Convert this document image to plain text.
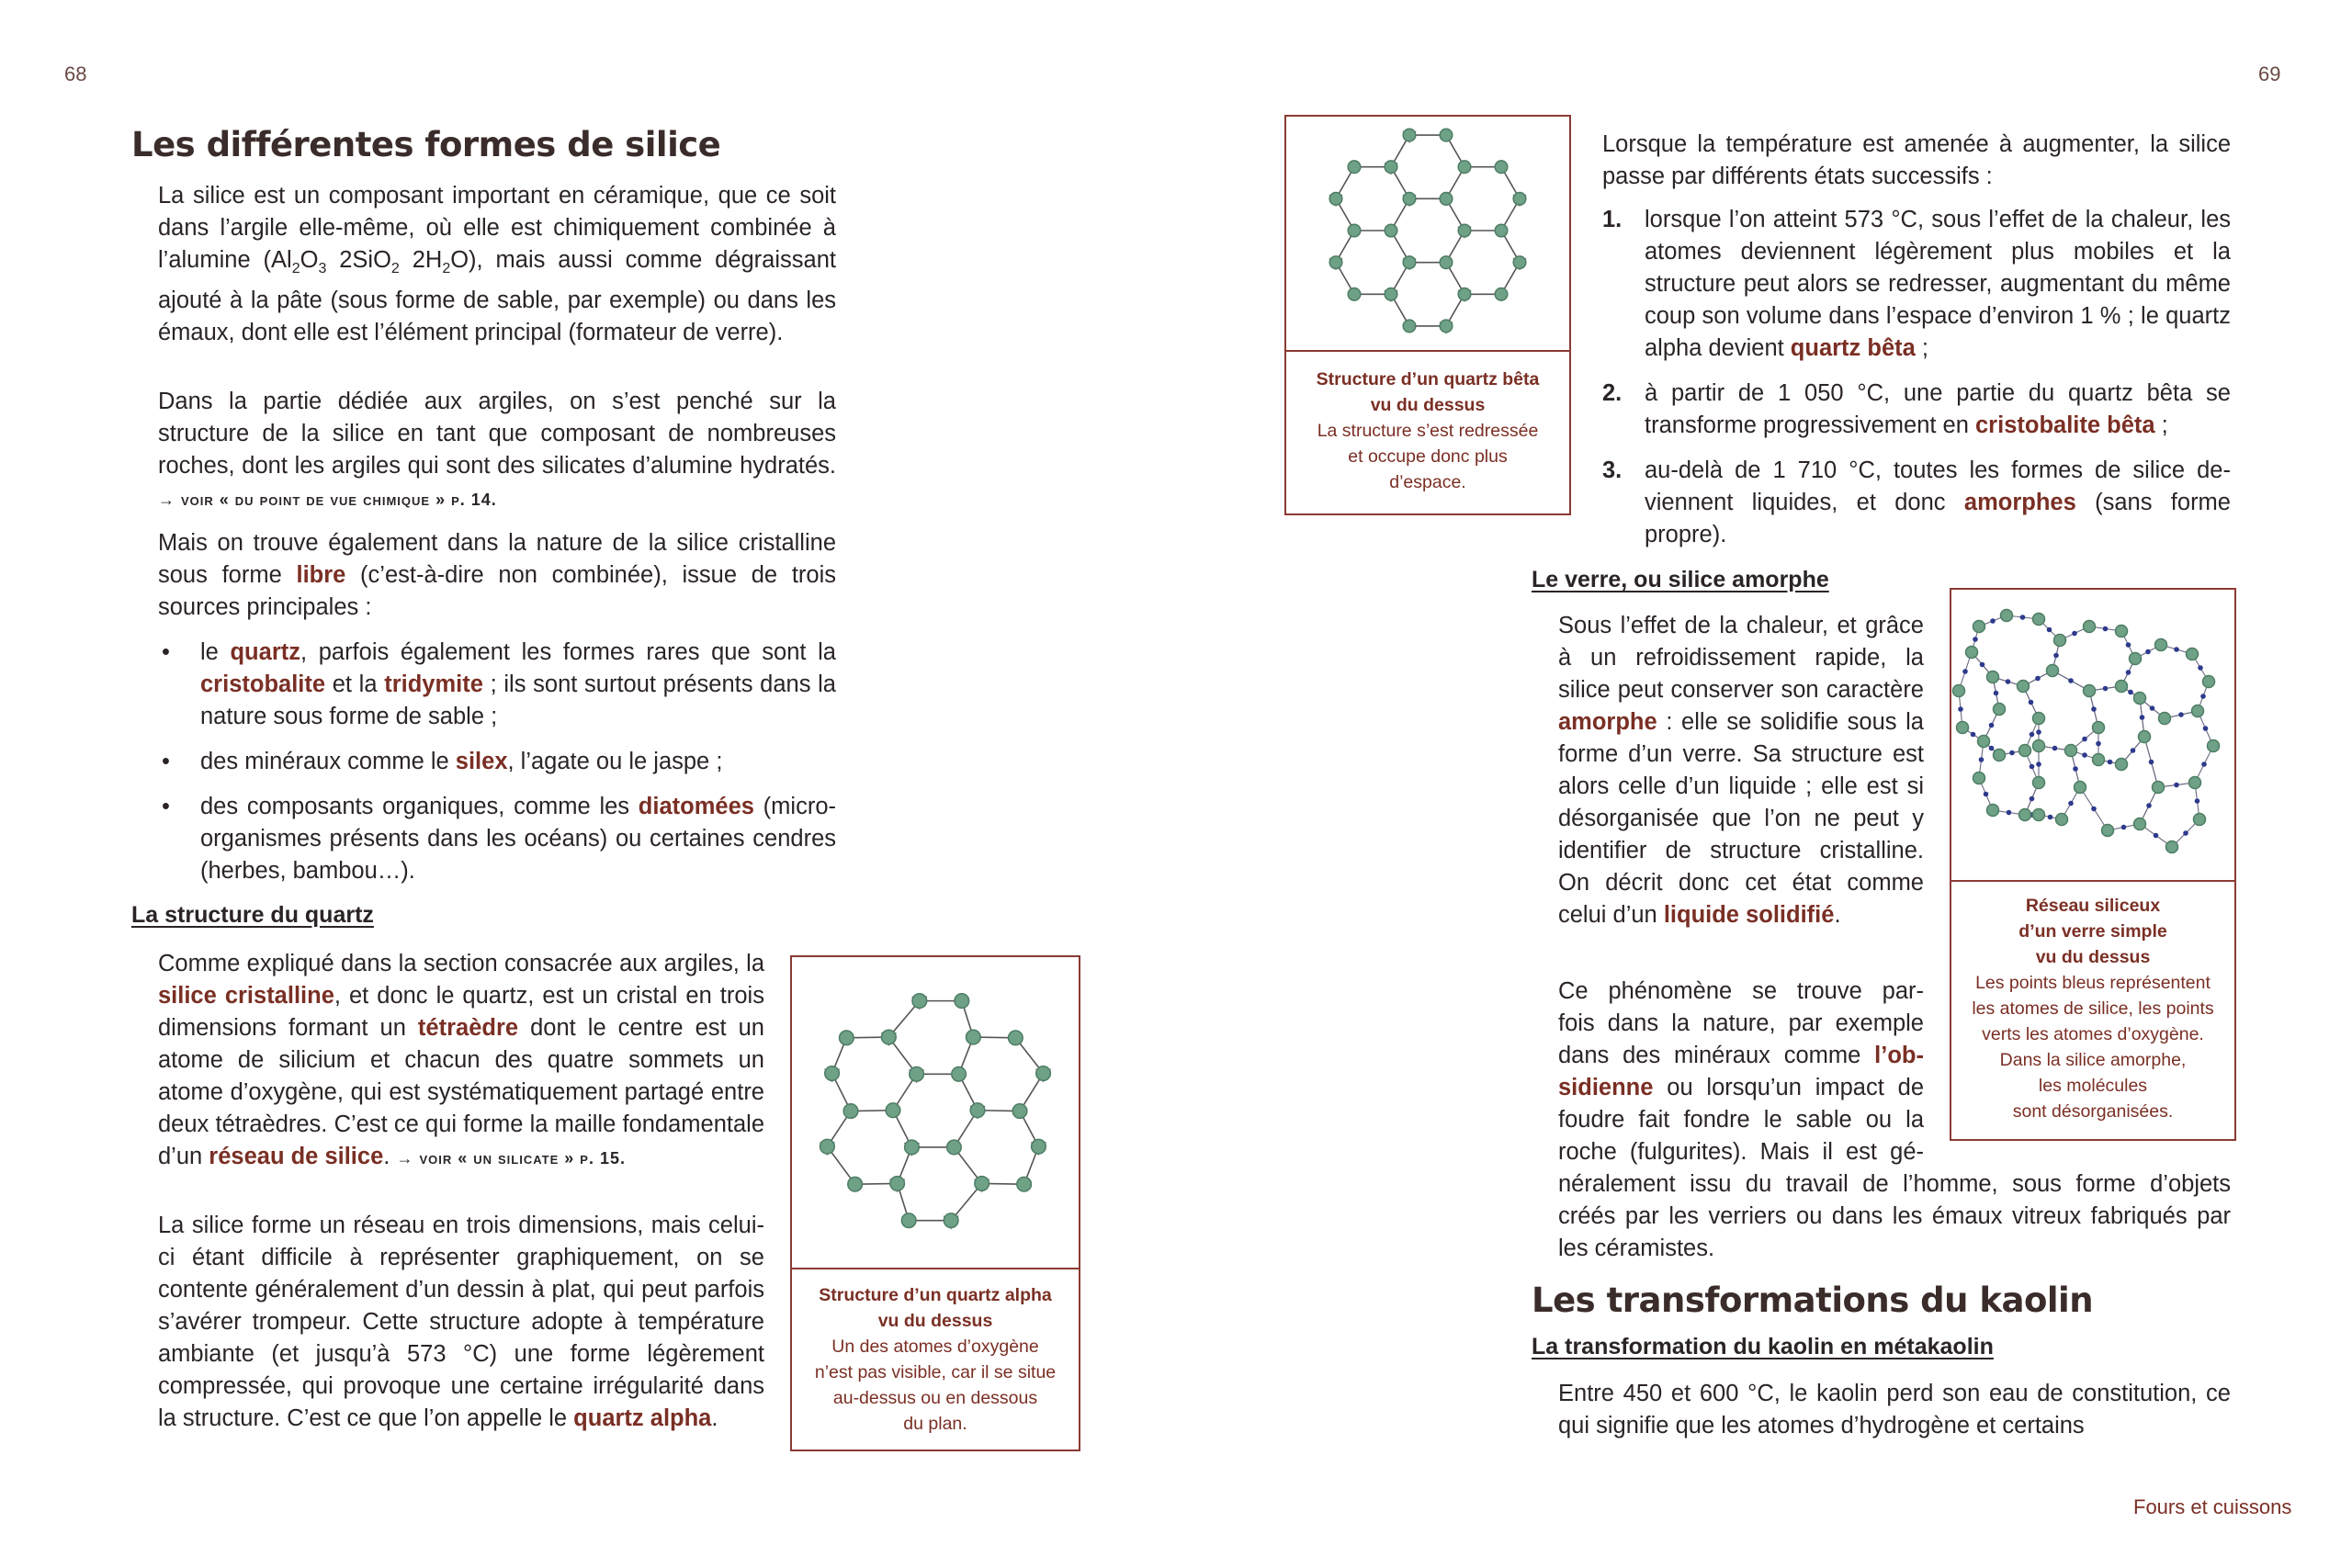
68	69
Les différentes formes de silice

La silice est un composant important en céramique, que ce soit dans l’argile elle-même, où elle est chimiquement combinée à l’alumine ($Al_2O_3$ 2SiO$_2$ $2H_2O$), mais aussi comme dégraissant ajouté à la pâte (sous forme de sable, par exemple) ou dans les émaux, dont elle est l’élément principal (formateur de verre).

Dans la partie dédiée aux argiles, on s’est penché sur la structure de la silice en tant que composant de nombreuses roches, dont les argiles qui sont des silicates d’alumine hydratés. → voir « du point de vue chimique » p. 14.

Mais on trouve également dans la nature de la silice cristalline sous forme libre (c’est-à-dire non combinée), issue de trois sources principales :

• le quartz, parfois également les formes rares que sont la cristobalite et la tridymite ; ils sont surtout présents dans la nature sous forme de sable ;
• des minéraux comme le silex, l’agate ou le jaspe ;
• des composants organiques, comme les diatomées (micro-organismes présents dans les océans) ou certaines cendres (herbes, bambou…).
La structure du quartz

Comme expliqué dans la section consacrée aux argiles, la silice cristalline, et donc le quartz, est un cristal en trois dimensions formant un tétraèdre dont le centre est un atome de silicium et chacun des quatre sommets un atome d’oxygène, qui est systématiquement partagé entre deux tétraèdres. C’est ce qui forme la maille fondamentale d’un réseau de silice. → voir « un silicate » p. 15.

La silice forme un réseau en trois dimensions, mais celui-ci étant difficile à représenter graphiquement, on se contente généralement d’un dessin à plat, qui peut parfois s’avérer trompeur. Cette structure adopte à température ambiante (et jusqu’à 573 °C) une forme légèrement compressée, qui provoque une certaine irrégularité dans la structure. C’est ce que l’on appelle le quartz alpha.

Structure d’un quartz alpha
vu du dessus
Un des atomes d’oxygène
n’est pas visible, car il se situe
au-dessus ou en dessous
du plan.
Structure d’un quartz bêta
vu du dessus
La structure s’est redressée
et occupe donc plus
d’espace.

Lorsque la température est amenée à augmenter, la silice passe par différents états successifs :

1. lorsque l’on atteint 573 °C, sous l’effet de la chaleur, les atomes deviennent légèrement plus mobiles et la structure peut alors se redresser, augmentant du même coup son volume dans l’espace d’environ 1 % ; le quartz alpha devient quartz bêta ;
2. à partir de 1 050 °C, une partie du quartz bêta se transforme progressivement en cristobalite bêta ;
3. au-delà de 1 710 °C, toutes les formes de silice deviennent liquides, et donc amorphes (sans forme propre).
Le verre, ou silice amorphe

Sous l’effet de la chaleur, et grâce à un refroidissement rapide, la silice peut conserver son caractère amorphe : elle se solidifie sous la forme d’un verre. Sa structure est alors celle d’un liquide ; elle est si désorganisée que l’on ne peut y identifier de structure cristalline. On décrit donc cet état comme celui d’un liquide solidifié.

Ce phénomène se trouve par-
fois dans la nature, par exemple
dans des minéraux comme l’ob-
sidienne ou lorsqu’un impact de
foudre fait fondre le sable ou la
roche (fulgurites). Mais il est gé-

néralement issu du travail de l’homme, sous forme d’objets créés par les verriers ou dans les émaux vitreux fabriqués par les céramistes.

Réseau siliceux
d’un verre simple
vu du dessus
Les points bleus représentent
les atomes de silice, les points
verts les atomes d’oxygène.
Dans la silice amorphe,
les molécules
sont désorganisées.
Les transformations du kaolin
La transformation du kaolin en métakaolin

Entre 450 et 600 °C, le kaolin perd son eau de constitution, ce qui signifie que les atomes d’hydrogène et certains

Fours et cuissons
